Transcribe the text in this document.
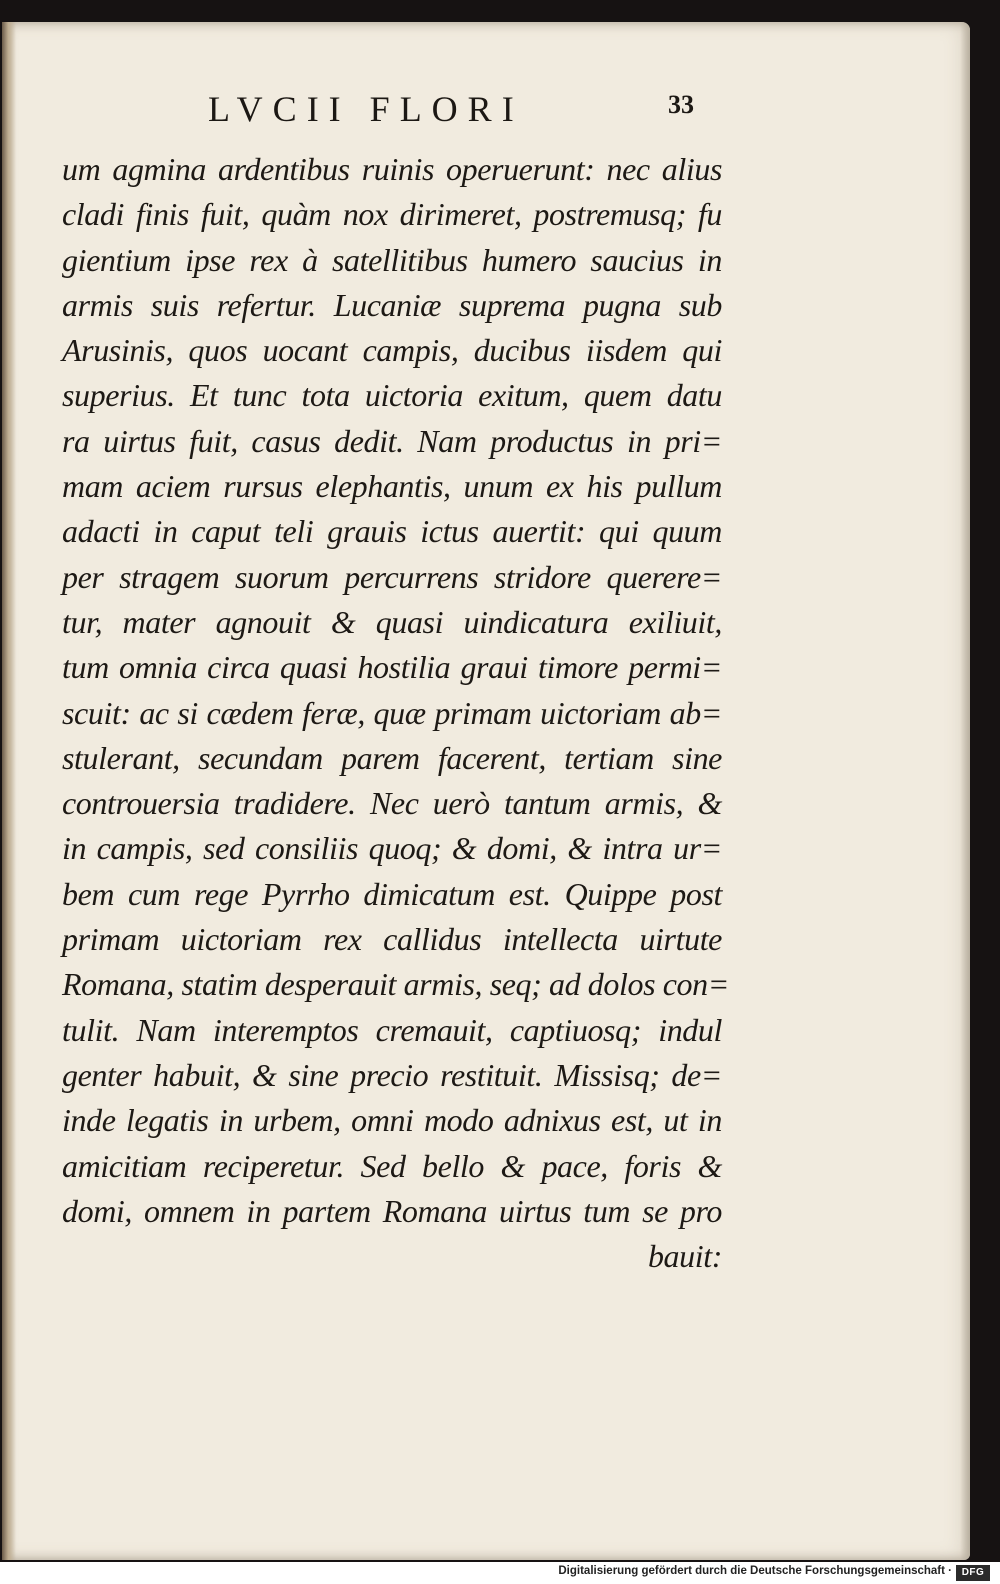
LVCII FLORI	33

um agmina ardentibus ruinis operuerunt: nec alius

cladi finis fuit, quàm nox dirimeret, postremusq; fu

gientium ipse rex à satellitibus humero saucius in

armis suis refertur. Lucaniæ suprema pugna sub

Arusinis, quos uocant campis, ducibus iisdem qui

superius. Et tunc tota uictoria exitum, quem datu

ra uirtus fuit, casus dedit. Nam productus in pri=

mam aciem rursus elephantis, unum ex his pullum

adacti in caput teli grauis ictus auertit: qui quum

per stragem suorum percurrens stridore querere=

tur, mater agnouit & quasi uindicatura exiliuit,

tum omnia circa quasi hostilia graui timore permi=

scuit: ac si cædem feræ, quæ primam uictoriam ab=

stulerant, secundam parem facerent, tertiam sine

controuersia tradidere. Nec uerò tantum armis, &

in campis, sed consiliis quoq; & domi, & intra ur=

bem cum rege Pyrrho dimicatum est. Quippe post

primam uictoriam rex callidus intellecta uirtute

Romana, statim desperauit armis, seq; ad dolos con=

tulit. Nam interemptos cremauit, captiuosq; indul

genter habuit, & sine precio restituit. Missisq; de=

inde legatis in urbem, omni modo adnixus est, ut in

amicitiam reciperetur. Sed bello & pace, foris &

domi, omnem in partem Romana uirtus tum se pro

bauit:

Digitalisierung gefördert durch die Deutsche Forschungsgemeinschaft · DFG
